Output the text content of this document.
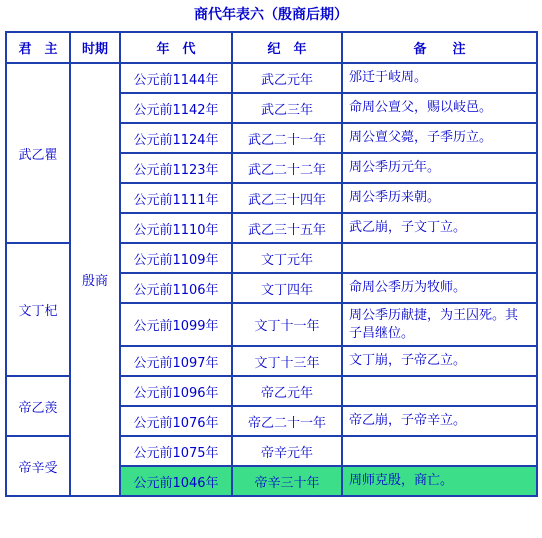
商代年表六（殷商后期）
君　主	时期	年　代	纪　年	备　　注
武乙瞿	殷商	公元前1144年	武乙元年	邠迁于岐周。
		公元前1142年	武乙三年	命周公亶父，赐以岐邑。
		公元前1124年	武乙二十一年	周公亶父薨，子季历立。
		公元前1123年	武乙二十二年	周公季历元年。
		公元前1111年	武乙三十四年	周公季历来朝。
		公元前1110年	武乙三十五年	武乙崩，子文丁立。
文丁杞		公元前1109年	文丁元年	
		公元前1106年	文丁四年	命周公季历为牧师。
		公元前1099年	文丁十一年	周公季历献捷，为王囚死。其子昌继位。
		公元前1097年	文丁十三年	文丁崩，子帝乙立。
帝乙羡		公元前1096年	帝乙元年	
		公元前1076年	帝乙二十一年	帝乙崩，子帝辛立。
帝辛受		公元前1075年	帝辛元年	
		公元前1046年	帝辛三十年	周师克殷，商亡。
